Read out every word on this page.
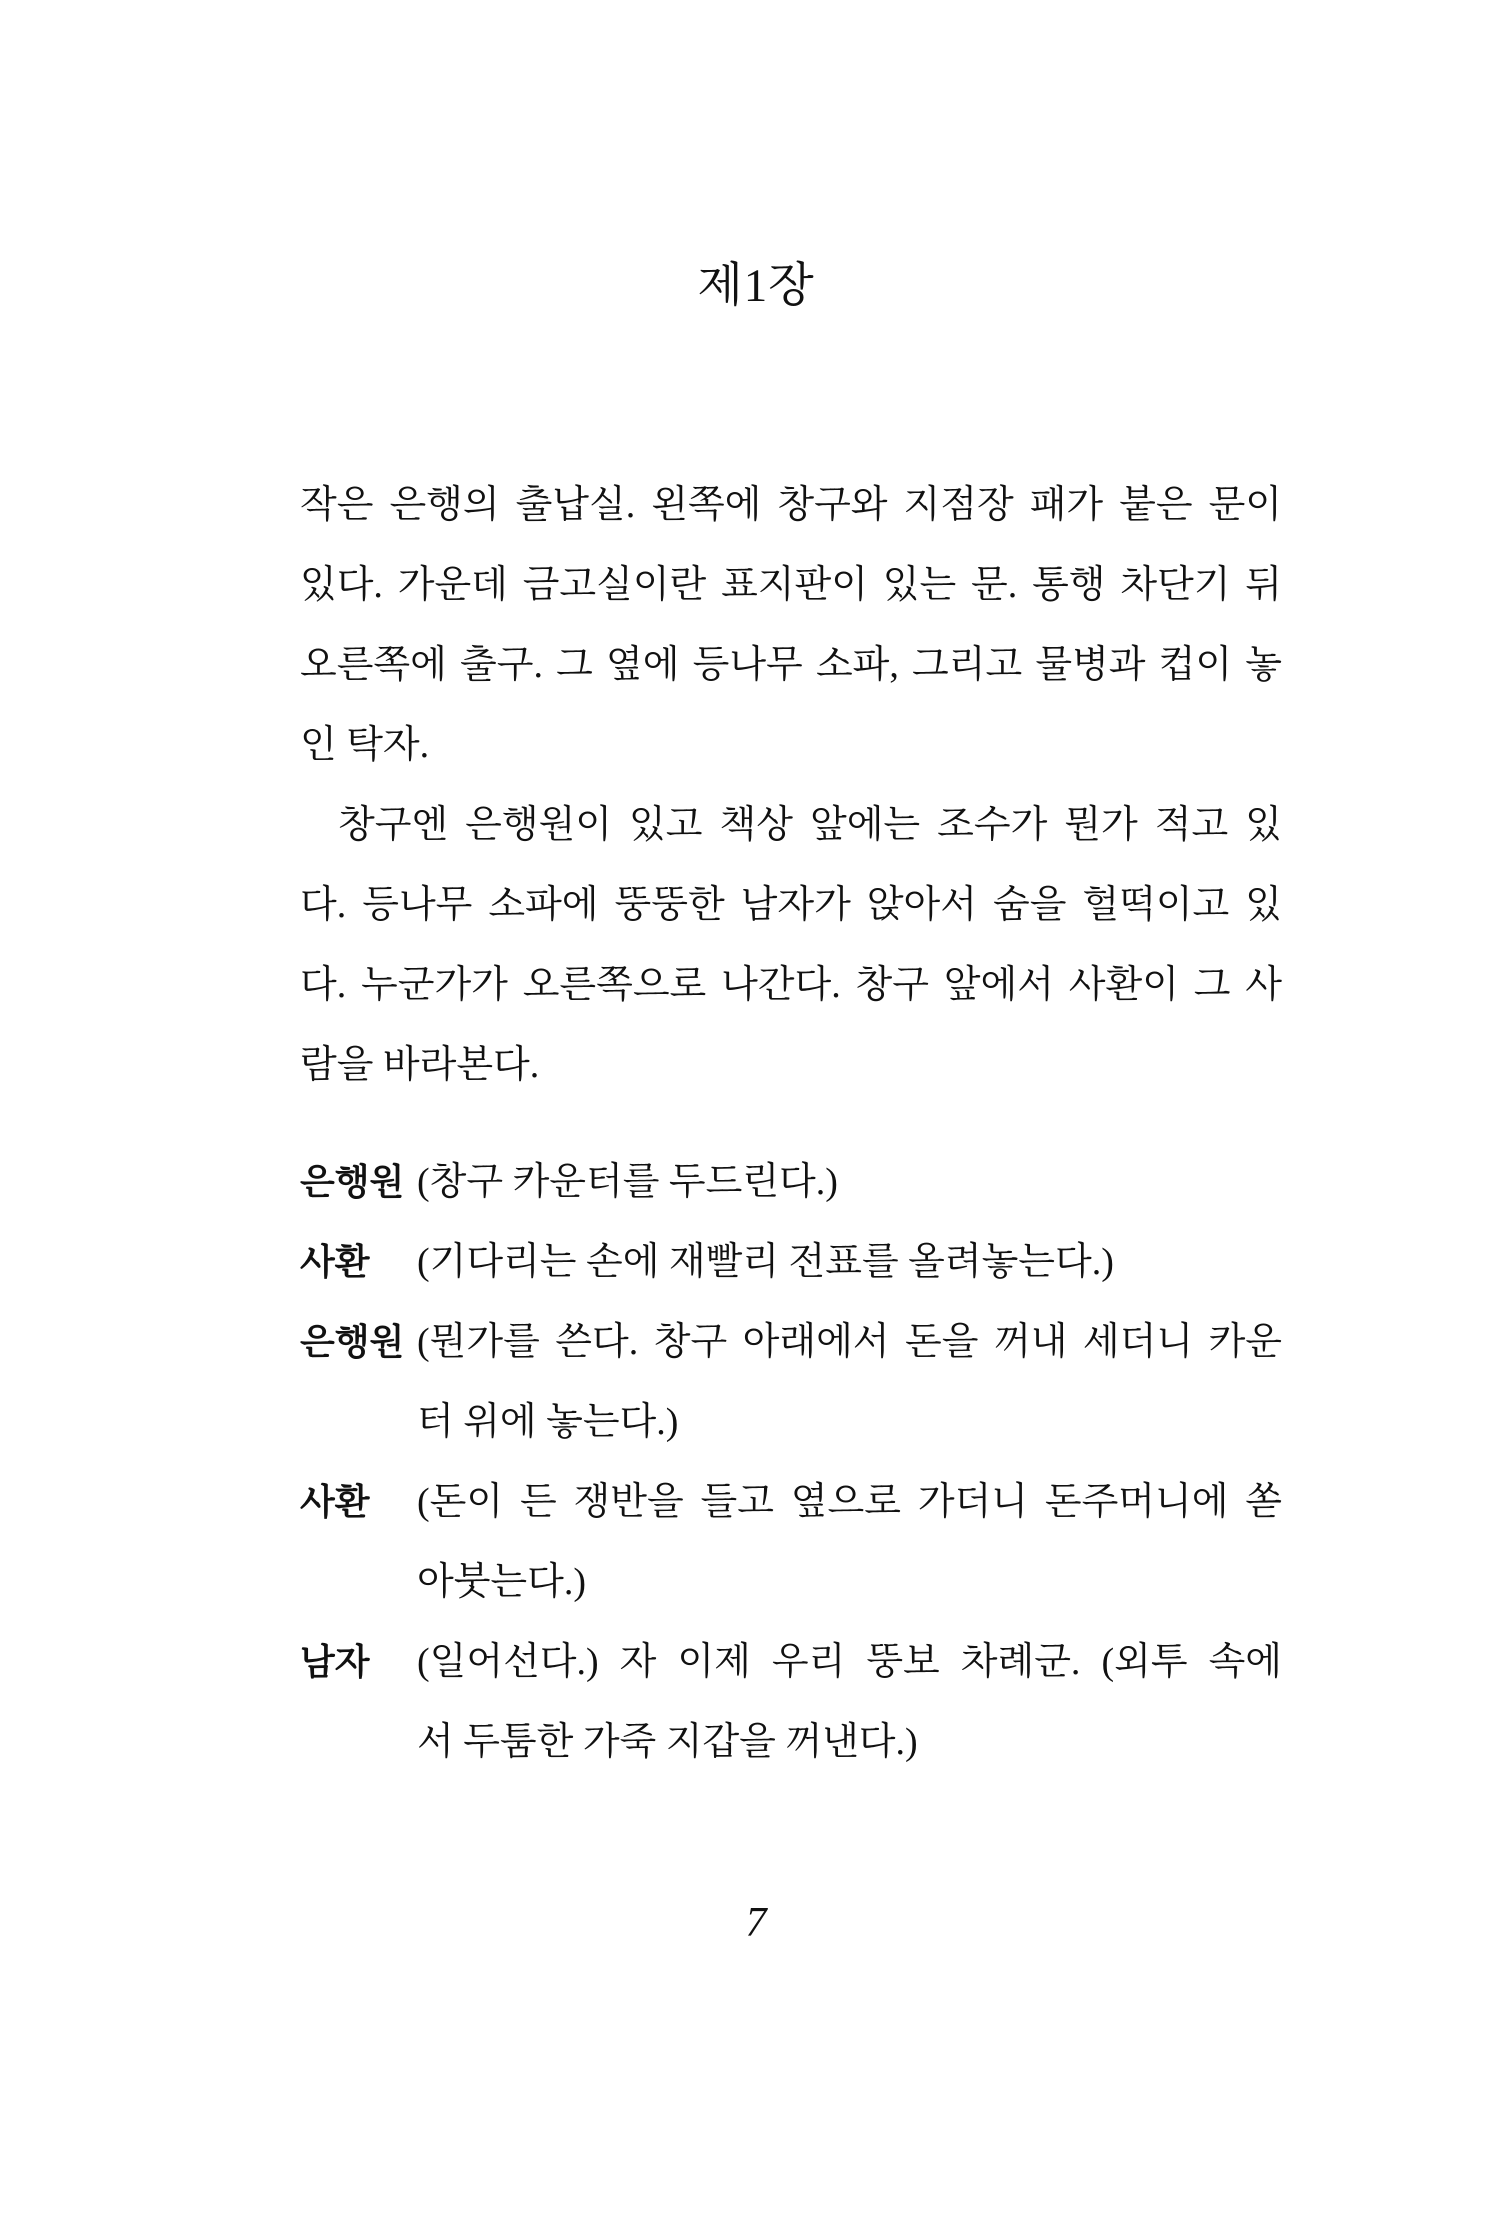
제1장
작은 은행의 출납실. 왼쪽에 창구와 지점장 패가 붙은 문이
있다. 가운데 금고실이란 표지판이 있는 문. 통행 차단기 뒤
오른쪽에 출구. 그 옆에 등나무 소파, 그리고 물병과 컵이 놓
인 탁자.
창구엔 은행원이 있고 책상 앞에는 조수가 뭔가 적고 있
다. 등나무 소파에 뚱뚱한 남자가 앉아서 숨을 헐떡이고 있
다. 누군가가 오른쪽으로 나간다. 창구 앞에서 사환이 그 사
람을 바라본다.
은행원 (창구 카운터를 두드린다.)
사환	(기다리는 손에 재빨리 전표를 올려놓는다.)
은행원 (뭔가를 쓴다. 창구 아래에서 돈을 꺼내 세더니 카운
터 위에 놓는다.)
사환	(돈이 든 쟁반을 들고 옆으로 가더니 돈주머니에 쏟
아붓는다.)
남자	(일어선다.) 자 이제 우리 뚱보 차례군. (외투 속에
서 두툼한 가죽 지갑을 꺼낸다.)
7
